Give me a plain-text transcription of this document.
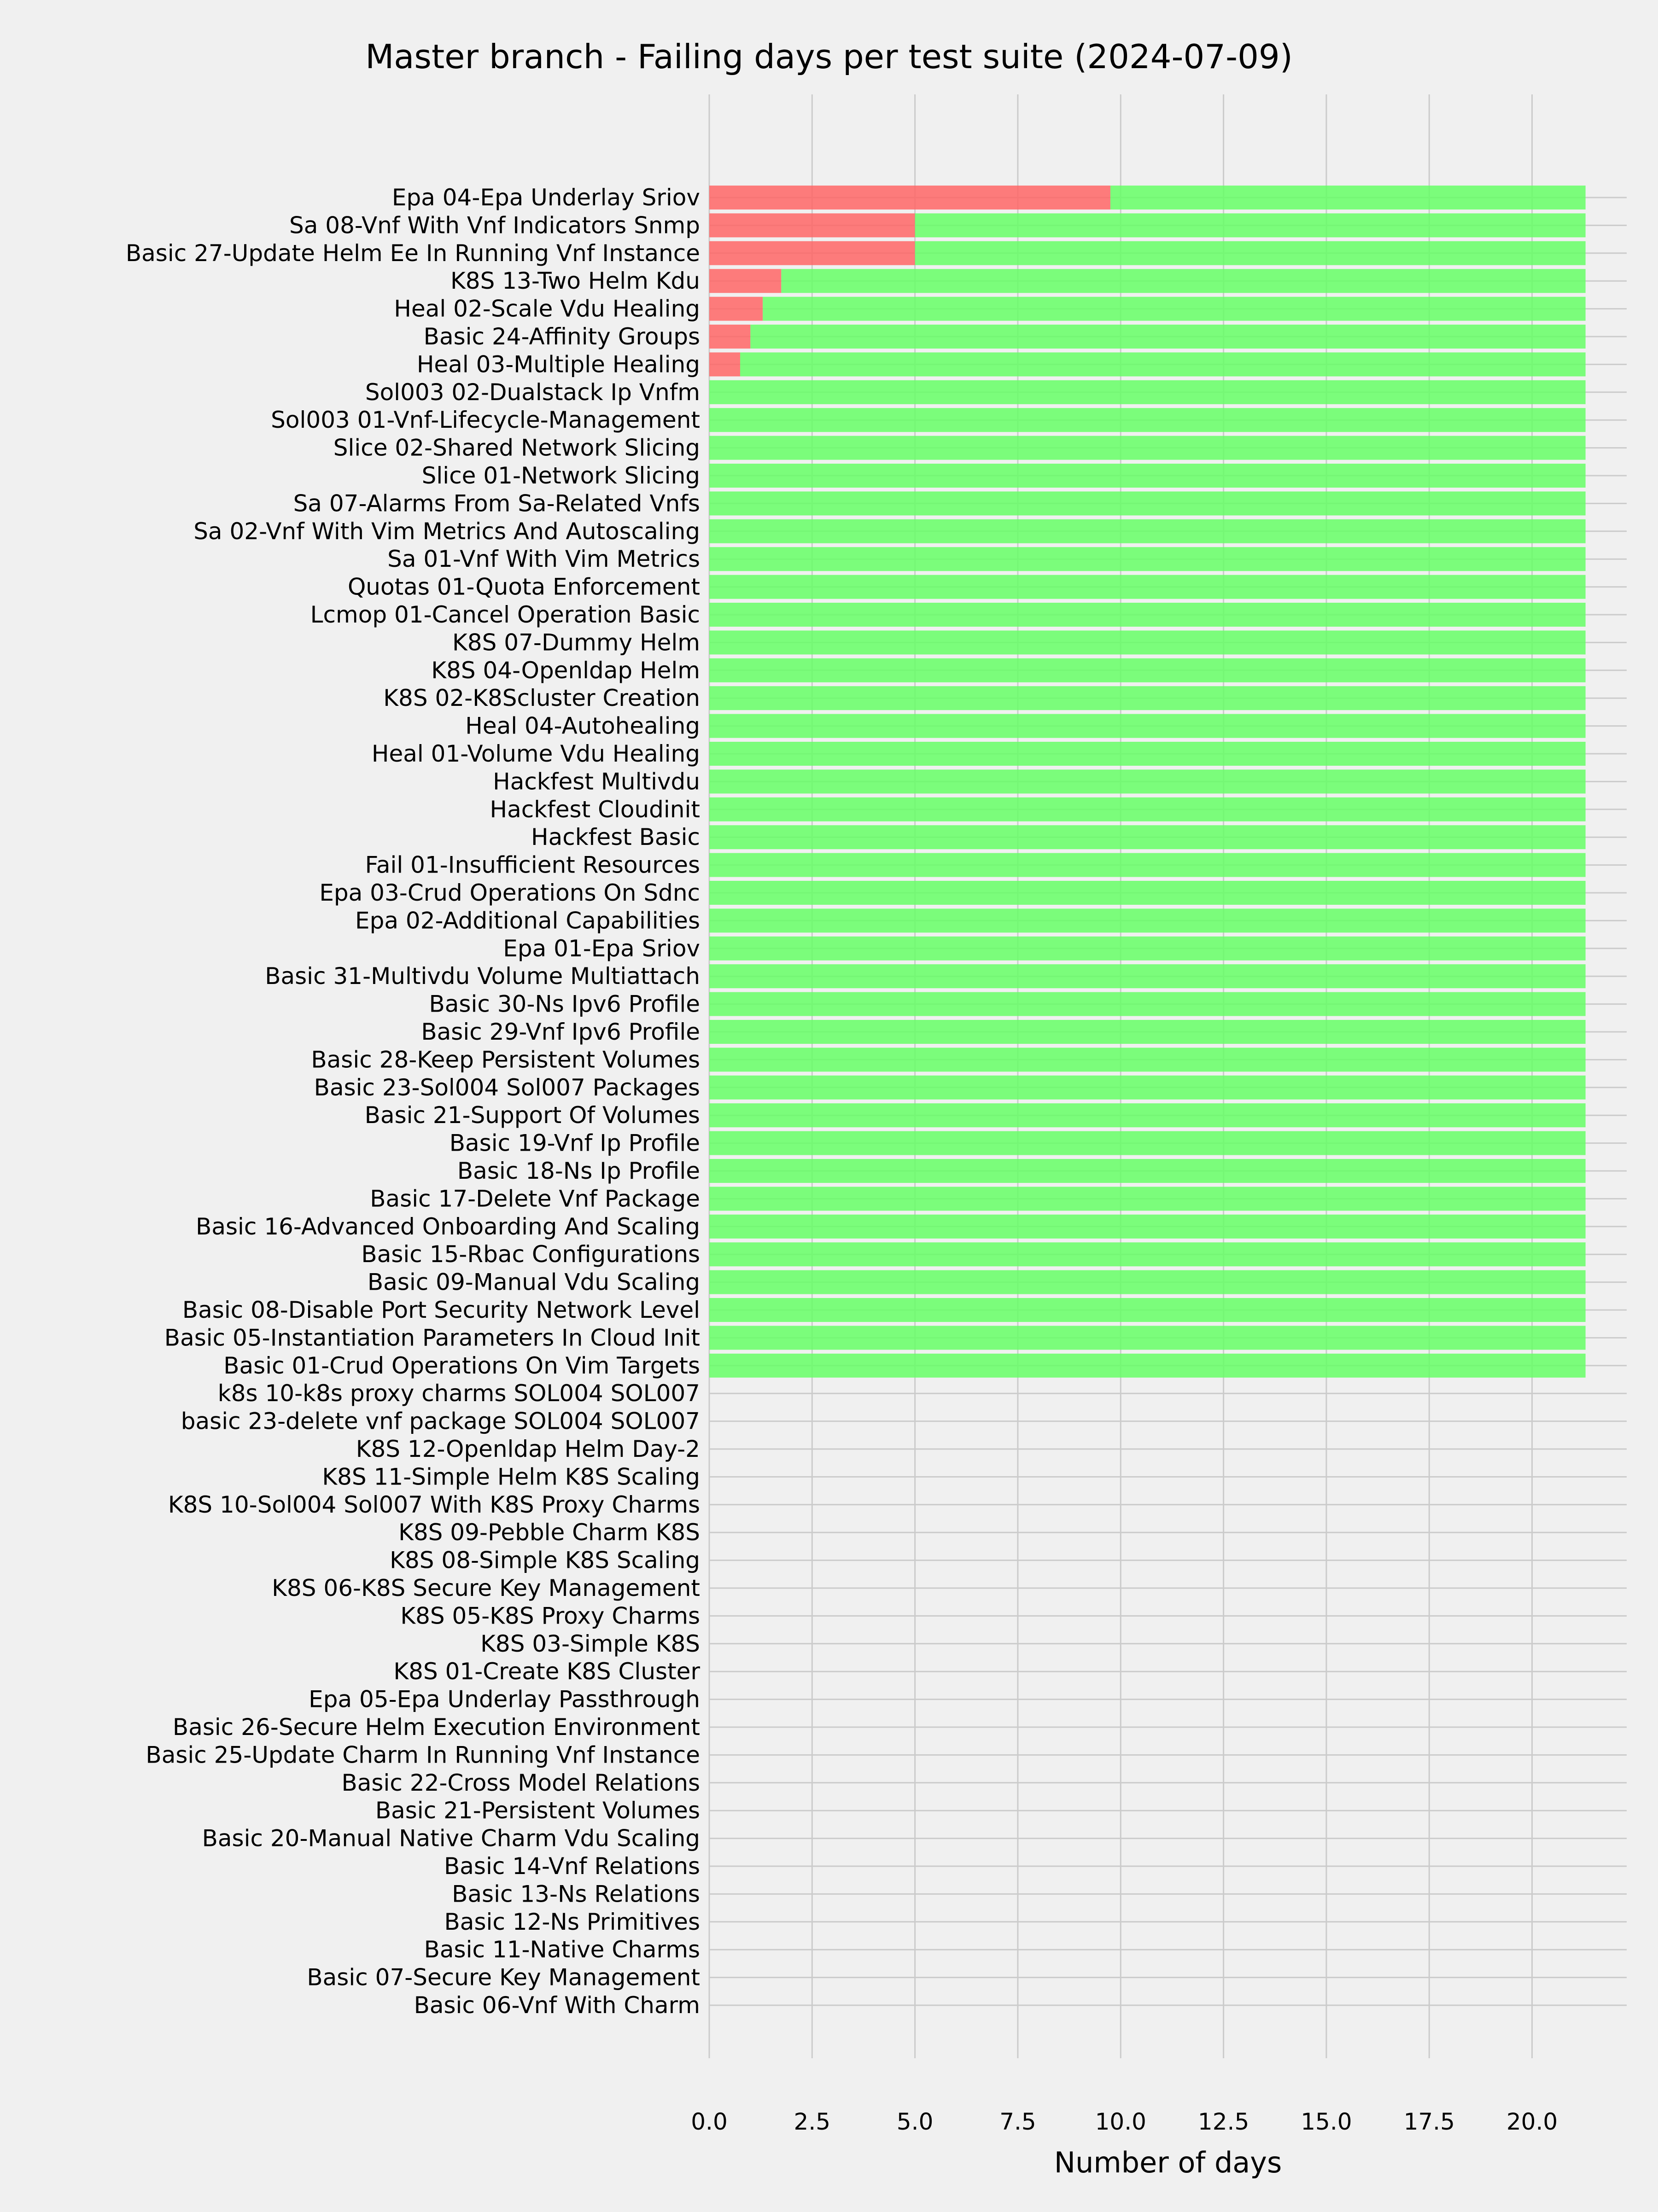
Epa 04-Epa Underlay Sriov
Sa 08-Vnf With Vnf Indicators Snmp
Basic 27-Update Helm Ee In Running Vnf Instance
K8S 13-Two Helm Kdu
Heal 02-Scale Vdu Healing
Basic 24-Affinity Groups
Heal 03-Multiple Healing
Sol003 02-Dualstack Ip Vnfm
Sol003 01-Vnf-Lifecycle-Management
Slice 02-Shared Network Slicing
Slice 01-Network Slicing
Sa 07-Alarms From Sa-Related Vnfs
Sa 02-Vnf With Vim Metrics And Autoscaling
Sa 01-Vnf With Vim Metrics
Quotas 01-Quota Enforcement
Lcmop 01-Cancel Operation Basic
K8S 07-Dummy Helm
K8S 04-Openldap Helm
K8S 02-K8Scluster Creation
Heal 04-Autohealing
Heal 01-Volume Vdu Healing
Hackfest Multivdu
Hackfest Cloudinit
Hackfest Basic
Fail 01-Insufficient Resources
Epa 03-Crud Operations On Sdnc
Epa 02-Additional Capabilities
Epa 01-Epa Sriov
Basic 31-Multivdu Volume Multiattach
Basic 30-Ns Ipv6 Profile
Basic 29-Vnf Ipv6 Profile
Basic 28-Keep Persistent Volumes
Basic 23-Sol004 Sol007 Packages
Basic 21-Support Of Volumes
Basic 19-Vnf Ip Profile
Basic 18-Ns Ip Profile
Basic 17-Delete Vnf Package
Basic 16-Advanced Onboarding And Scaling
Basic 15-Rbac Configurations
Basic 09-Manual Vdu Scaling
Basic 08-Disable Port Security Network Level
Basic 05-Instantiation Parameters In Cloud Init
Basic 01-Crud Operations On Vim Targets
k8s 10-k8s proxy charms SOL004 SOL007
basic 23-delete vnf package SOL004 SOL007
K8S 12-Openldap Helm Day-2
K8S 11-Simple Helm K8S Scaling
K8S 10-Sol004 Sol007 With K8S Proxy Charms
K8S 09-Pebble Charm K8S
K8S 08-Simple K8S Scaling
K8S 06-K8S Secure Key Management
K8S 05-K8S Proxy Charms
K8S 03-Simple K8S
K8S 01-Create K8S Cluster
Epa 05-Epa Underlay Passthrough
Basic 26-Secure Helm Execution Environment
Basic 25-Update Charm In Running Vnf Instance
Basic 22-Cross Model Relations
Basic 21-Persistent Volumes
Basic 20-Manual Native Charm Vdu Scaling
Basic 14-Vnf Relations
Basic 13-Ns Relations
Basic 12-Ns Primitives
Basic 11-Native Charms
Basic 07-Secure Key Management
Basic 06-Vnf With Charm
0.0	2.5	5.0	7.5	10.0 12.5 15.0 17.5 20.0
Master branch - Failing days per test suite (2024-07-09)
Number of days
